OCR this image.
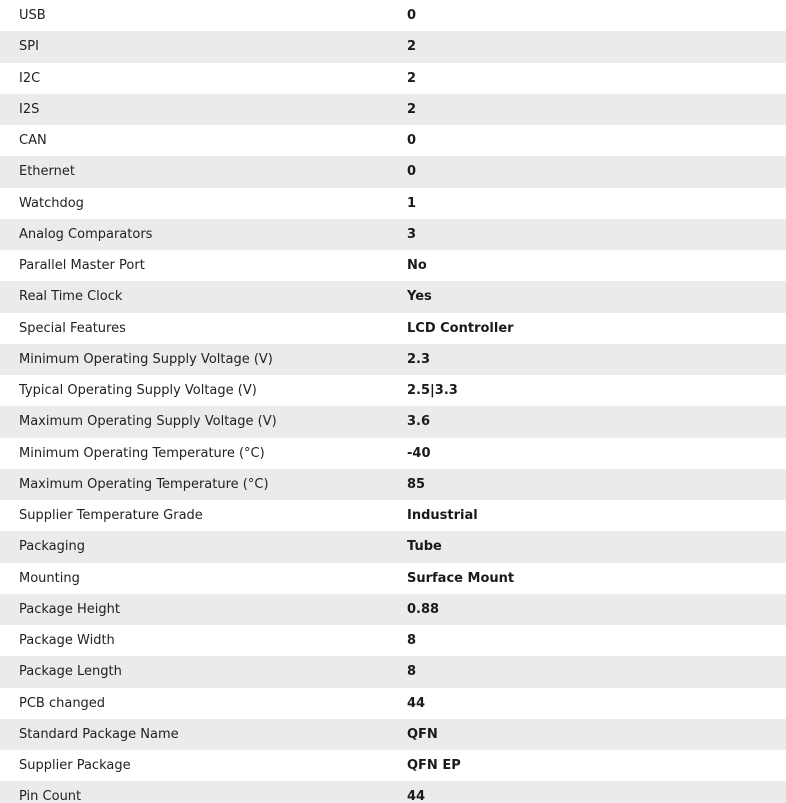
USB	0
SPI	2
I2C	2
I2S	2
CAN	0
Ethernet	0
Watchdog	1
Analog Comparators	3
Parallel Master Port	No
Real Time Clock	Yes
Special Features	LCD Controller
Minimum Operating Supply Voltage (V)	2.3
Typical Operating Supply Voltage (V)	2.5|3.3
Maximum Operating Supply Voltage (V)	3.6
Minimum Operating Temperature (°C)	-40
Maximum Operating Temperature (°C)	85
Supplier Temperature Grade	Industrial
Packaging	Tube
Mounting	Surface Mount
Package Height	0.88
Package Width	8
Package Length	8
PCB changed	44
Standard Package Name	QFN
Supplier Package	QFN EP
Pin Count	44
